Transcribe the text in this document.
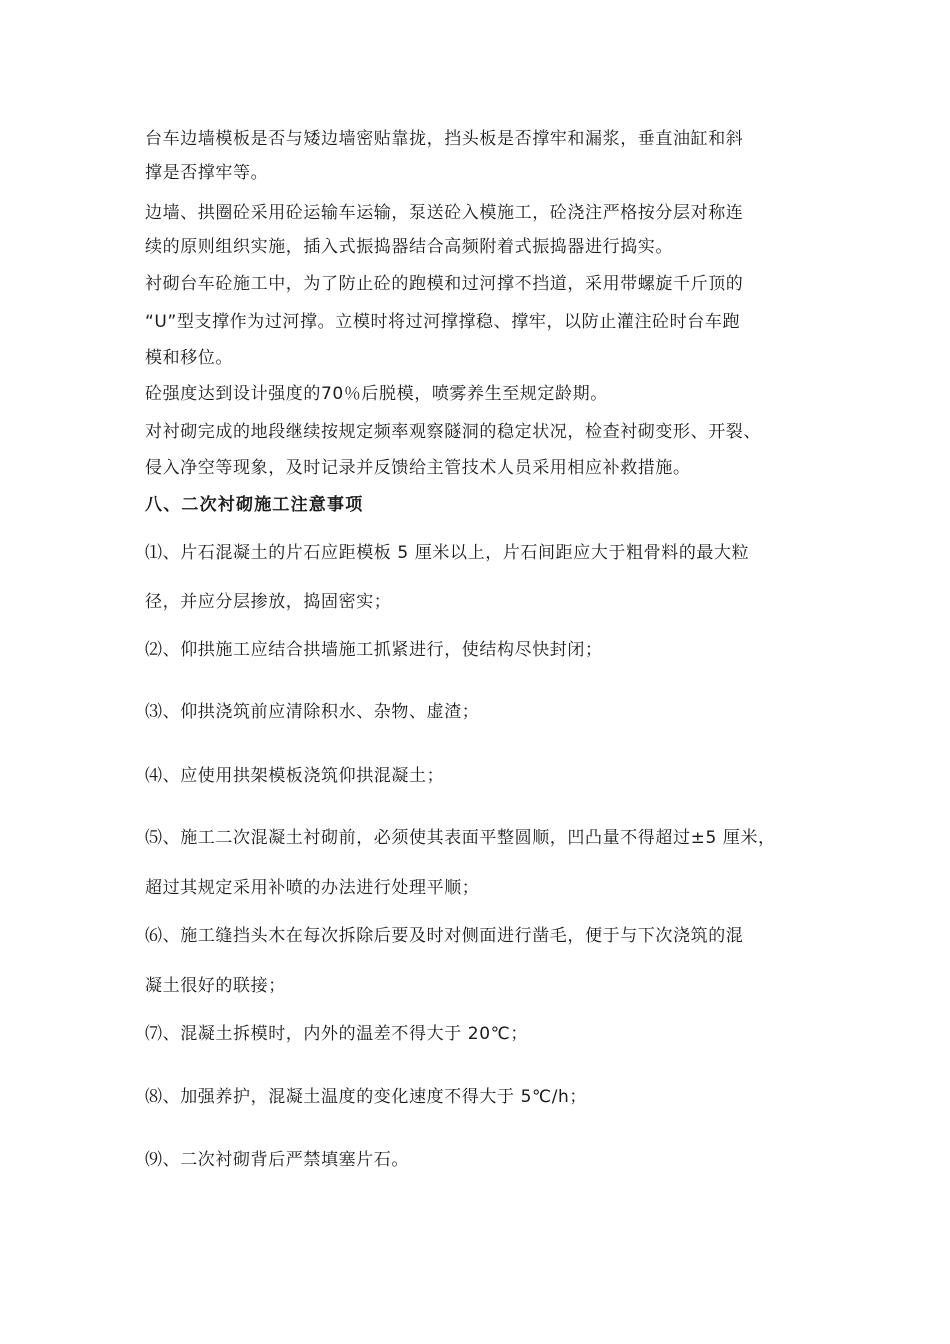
台车边墙模板是否与矮边墙密贴靠拢，挡头板是否撑牢和漏浆，垂直油缸和斜
撑是否撑牢等。
边墙、拱圈砼采用砼运输车运输，泵送砼入模施工，砼浇注严格按分层对称连
续的原则组织实施，插入式振捣器结合高频附着式振捣器进行捣实。
衬砌台车砼施工中，为了防止砼的跑模和过河撑不挡道，采用带螺旋千斤顶的
“U”型支撑作为过河撑。立模时将过河撑撑稳、撑牢，以防止灌注砼时台车跑
模和移位。
砼强度达到设计强度的70％后脱模，喷雾养生至规定龄期。
对衬砌完成的地段继续按规定频率观察隧洞的稳定状况，检查衬砌变形、开裂、
侵入净空等现象，及时记录并反馈给主管技术人员采用相应补救措施。
八、二次衬砌施工注意事项
⑴、片石混凝土的片石应距模板 5 厘米以上，片石间距应大于粗骨料的最大粒
径，并应分层掺放，捣固密实；
⑵、仰拱施工应结合拱墙施工抓紧进行，使结构尽快封闭；
⑶、仰拱浇筑前应清除积水、杂物、虚渣；
⑷、应使用拱架模板浇筑仰拱混凝土；
⑸、施工二次混凝土衬砌前，必须使其表面平整圆顺，凹凸量不得超过±5 厘米，
超过其规定采用补喷的办法进行处理平顺；
⑹、施工缝挡头木在每次拆除后要及时对侧面进行凿毛，便于与下次浇筑的混
凝土很好的联接；
⑺、混凝土拆模时，内外的温差不得大于 20℃；
⑻、加强养护，混凝土温度的变化速度不得大于 5℃/h；
⑼、二次衬砌背后严禁填塞片石。
